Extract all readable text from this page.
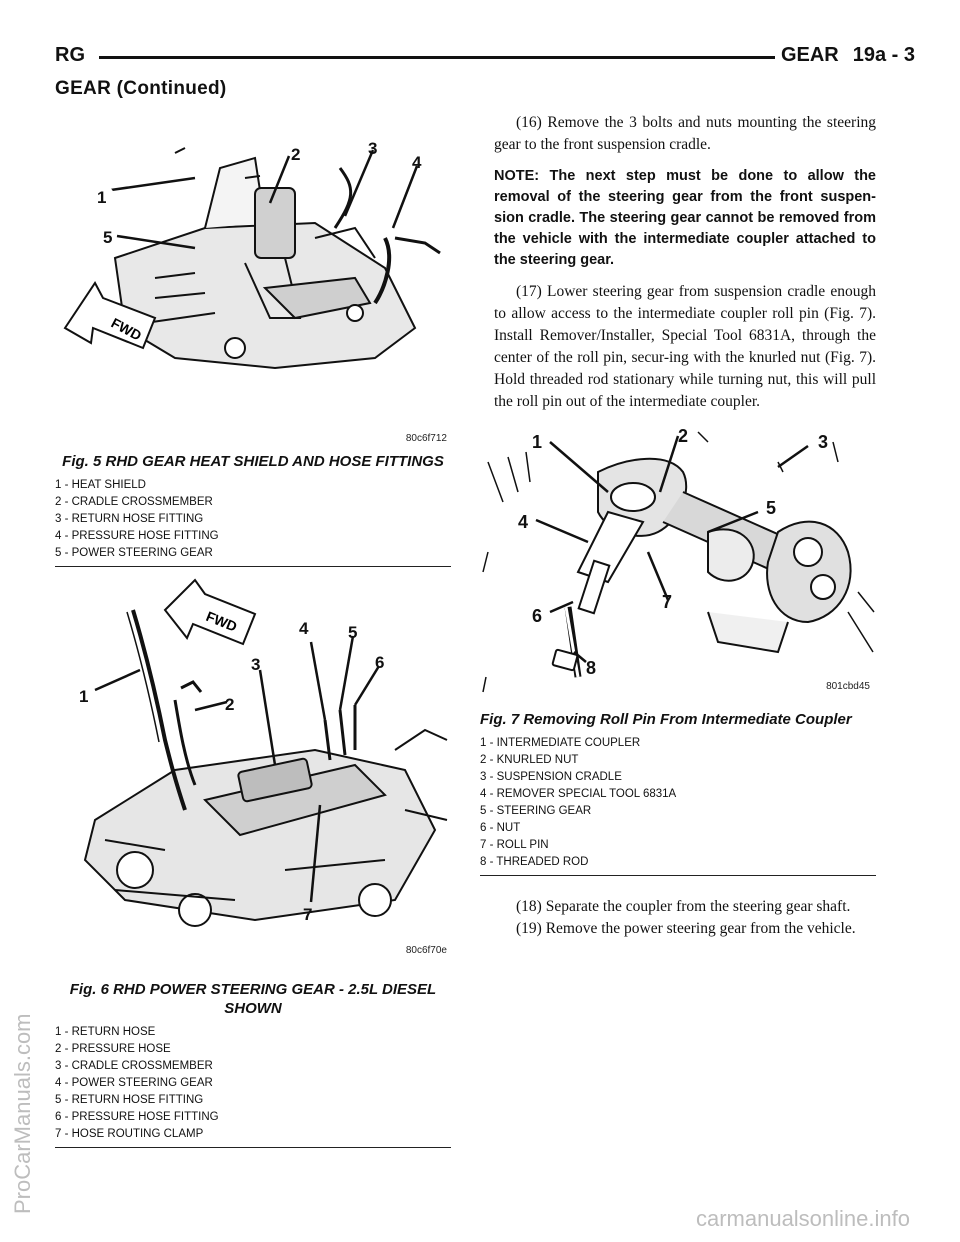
RG	GEAR 19a - 3
GEAR (Continued)
ProCarManuals.com
FWD
1
2	3
4
5
80c6f712
Fig. 5 RHD GEAR HEAT SHIELD AND HOSE FITTINGS
1 - HEAT SHIELD
2 - CRADLE CROSSMEMBER
3 - RETURN HOSE FITTING
4 - PRESSURE HOSE FITTING
5 - POWER STEERING GEAR
FWD
1	2
3
4 5
6
7
80c6f70e
Fig. 6 RHD POWER STEERING GEAR - 2.5L DIESEL SHOWN
1 - RETURN HOSE
2 - PRESSURE HOSE
3 - CRADLE CROSSMEMBER
4 - POWER STEERING GEAR
5 - RETURN HOSE FITTING
6 - PRESSURE HOSE FITTING
7 - HOSE ROUTING CLAMP

(16) Remove the 3 bolts and nuts mounting the steering gear to the front suspension cradle.

NOTE: The next step must be done to allow the removal of the steering gear from the front suspen-sion cradle. The steering gear cannot be removed from the vehicle with the intermediate coupler attached to the steering gear.

(17) Lower steering gear from suspension cradle enough to allow access to the intermediate coupler roll pin (Fig. 7). Install Remover/Installer, Special Tool 6831A, through the center of the roll pin, secur-ing with the knurled nut (Fig. 7). Hold threaded rod stationary while turning nut, this will pull the roll pin out of the intermediate coupler.

1	2	3
4
5
6
7
8
801cbd45
Fig. 7 Removing Roll Pin From Intermediate Coupler
1 - INTERMEDIATE COUPLER
2 - KNURLED NUT
3 - SUSPENSION CRADLE
4 - REMOVER SPECIAL TOOL 6831A
5 - STEERING GEAR
6 - NUT
7 - ROLL PIN
8 - THREADED ROD

(18) Separate the coupler from the steering gear shaft.

(19) Remove the power steering gear from the vehicle.

carmanualsonline.info
